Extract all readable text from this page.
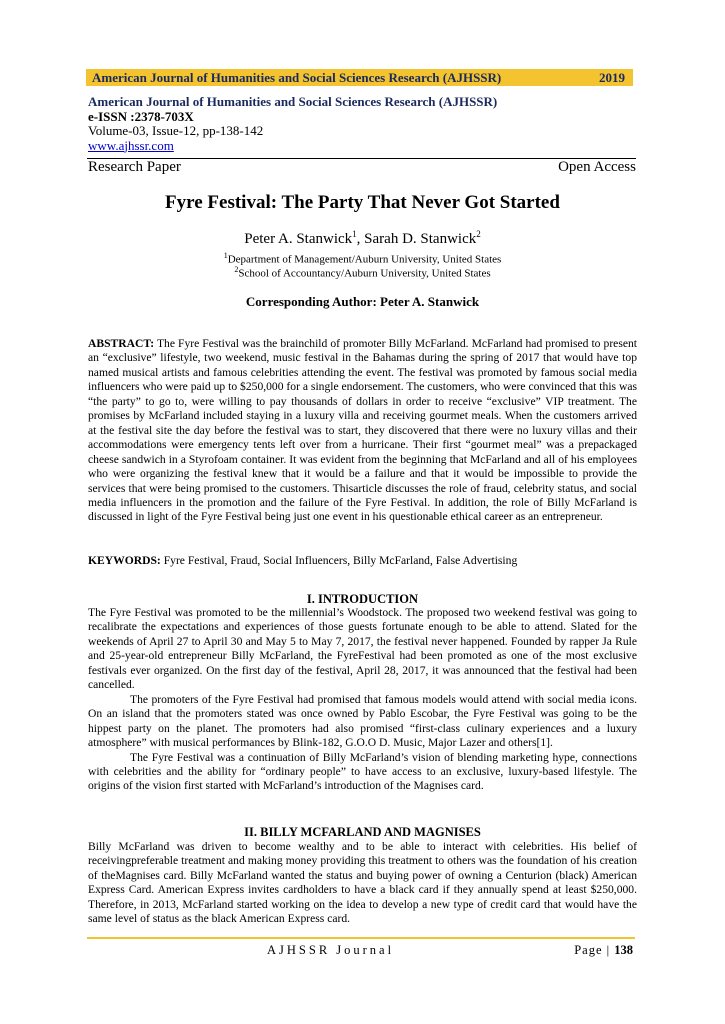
American Journal of Humanities and Social Sciences Research (AJHSSR)	2019
American Journal of Humanities and Social Sciences Research (AJHSSR)
e-ISSN :2378-703X
Volume-03, Issue-12, pp-138-142
www.ajhssr.com
Research Paper	Open Access
Fyre Festival: The Party That Never Got Started
Peter A. Stanwick$^1$, Sarah D. Stanwick$^2$
$^1$Department of Management/Auburn University, United States
$^2$School of Accountancy/Auburn University, United States
Corresponding Author: Peter A. Stanwick

ABSTRACT: The Fyre Festival was the brainchild of promoter Billy McFarland. McFarland had promised to present an “exclusive” lifestyle, two weekend, music festival in the Bahamas during the spring of 2017 that would have top named musical artists and famous celebrities attending the event. The festival was promoted by famous social media influencers who were paid up to $250,000 for a single endorsement. The customers, who were convinced that this was “the party” to go to, were willing to pay thousands of dollars in order to receive “exclusive” VIP treatment. The promises by McFarland included staying in a luxury villa and receiving gourmet meals. When the customers arrived at the festival site the day before the festival was to start, they discovered that there were no luxury villas and their accommodations were emergency tents left over from a hurricane. Their first “gourmet meal” was a prepackaged cheese sandwich in a Styrofoam container. It was evident from the beginning that McFarland and all of his employees who were organizing the festival knew that it would be a failure and that it would be impossible to provide the services that were being promised to the customers. Thisarticle discusses the role of fraud, celebrity status, and social media influencers in the promotion and the failure of the Fyre Festival. In addition, the role of Billy McFarland is discussed in light of the Fyre Festival being just one event in his questionable ethical career as an entrepreneur.

KEYWORDS: Fyre Festival, Fraud, Social Influencers, Billy McFarland, False Advertising

I. INTRODUCTION

The Fyre Festival was promoted to be the millennial’s Woodstock. The proposed two weekend festival was going to recalibrate the expectations and experiences of those guests fortunate enough to be able to attend. Slated for the weekends of April 27 to April 30 and May 5 to May 7, 2017, the festival never happened. Founded by rapper Ja Rule and 25-year-old entrepreneur Billy McFarland, the FyreFestival had been promoted as one of the most exclusive festivals ever organized. On the first day of the festival, April 28, 2017, it was announced that the festival had been cancelled.

The promoters of the Fyre Festival had promised that famous models would attend with social media icons. On an island that the promoters stated was once owned by Pablo Escobar, the Fyre Festival was going to be the hippest party on the planet. The promoters had also promised “first-class culinary experiences and a luxury atmosphere” with musical performances by Blink-182, G.O.O D. Music, Major Lazer and others[1].

The Fyre Festival was a continuation of Billy McFarland’s vision of blending marketing hype, connections with celebrities and the ability for “ordinary people” to have access to an exclusive, luxury-based lifestyle. The origins of the vision first started with McFarland’s introduction of the Magnises card.

II. BILLY MCFARLAND AND MAGNISES

Billy McFarland was driven to become wealthy and to be able to interact with celebrities. His belief of receivingpreferable treatment and making money providing this treatment to others was the foundation of his creation of theMagnises card. Billy McFarland wanted the status and buying power of owning a Centurion (black) American Express Card. American Express invites cardholders to have a black card if they annually spend at least $250,000. Therefore, in 2013, McFarland started working on the idea to develop a new type of credit card that would have the same level of status as the black American Express card.

AJHSSR Journal	Page | 138
